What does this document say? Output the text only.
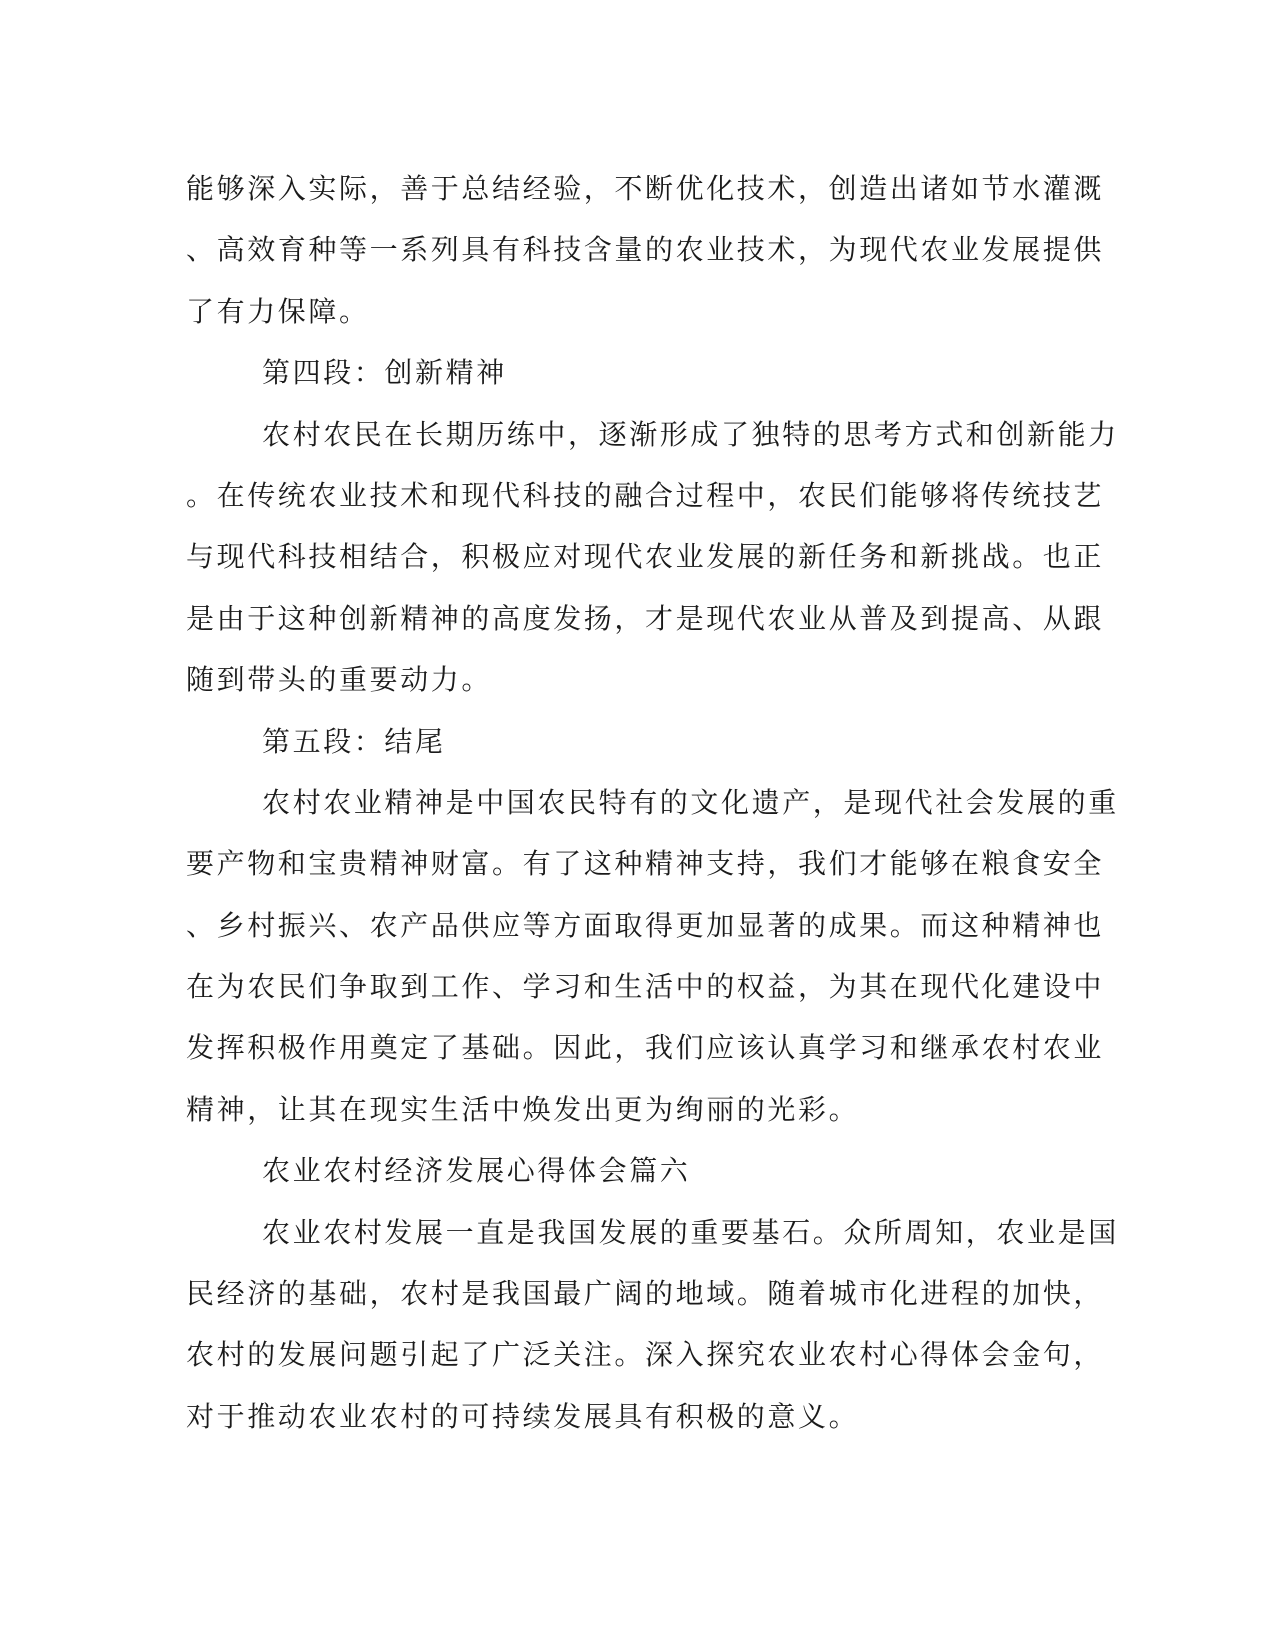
能够深入实际，善于总结经验，不断优化技术，创造出诸如节水灌溉

、高效育种等一系列具有科技含量的农业技术，为现代农业发展提供

了有力保障。

第四段：创新精神

农村农民在长期历练中，逐渐形成了独特的思考方式和创新能力

。在传统农业技术和现代科技的融合过程中，农民们能够将传统技艺

与现代科技相结合，积极应对现代农业发展的新任务和新挑战。也正

是由于这种创新精神的高度发扬，才是现代农业从普及到提高、从跟

随到带头的重要动力。

第五段：结尾

农村农业精神是中国农民特有的文化遗产，是现代社会发展的重

要产物和宝贵精神财富。有了这种精神支持，我们才能够在粮食安全

、乡村振兴、农产品供应等方面取得更加显著的成果。而这种精神也

在为农民们争取到工作、学习和生活中的权益，为其在现代化建设中

发挥积极作用奠定了基础。因此，我们应该认真学习和继承农村农业

精神，让其在现实生活中焕发出更为绚丽的光彩。

农业农村经济发展心得体会篇六

农业农村发展一直是我国发展的重要基石。众所周知，农业是国

民经济的基础，农村是我国最广阔的地域。随着城市化进程的加快，

农村的发展问题引起了广泛关注。深入探究农业农村心得体会金句，

对于推动农业农村的可持续发展具有积极的意义。
